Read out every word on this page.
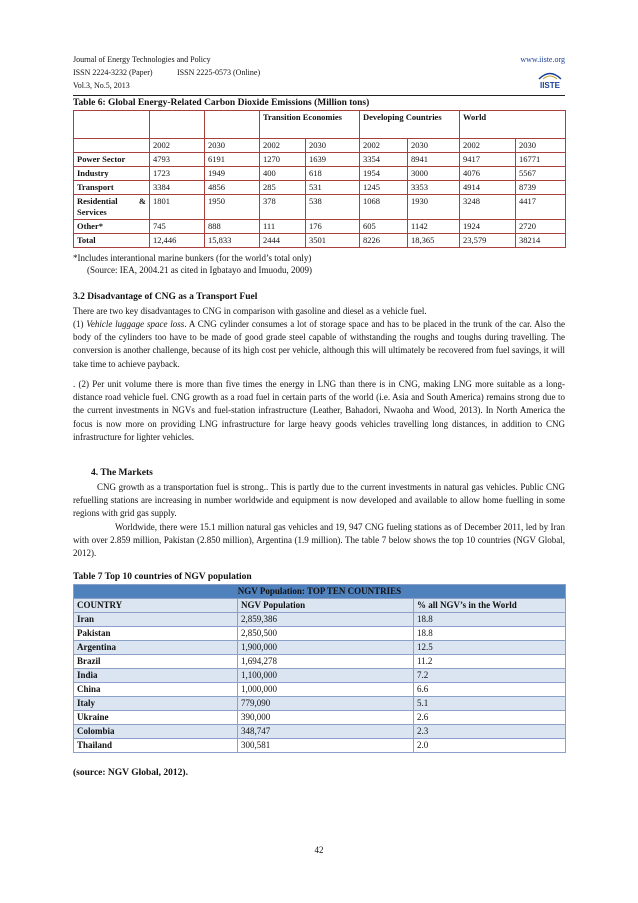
Journal of Energy Technologies and Policy
ISSN 2224-3232 (Paper)	ISSN 2225-0573 (Online)
Vol.3, No.5, 2013
www.iiste.org
IISTE
Table 6: Global Energy-Related Carbon Dioxide Emissions (Million tons)
			Transition Economies		Developing Countries		World	
	2002	2030	2002	2030	2002	2030	2002	2030
Power Sector	4793	6191	1270	1639	3354	8941	9417	16771
Industry	1723	1949	400	618	1954	3000	4076	5567
Transport	3384	4856	285	531	1245	3353	4914	8739

Residential &
Services	1801	1950	378	538	1068	1930	3248	4417
Other*	745	888	111	176	605	1142	1924	2720
Total	12,446	15,833	2444	3501	8226	18,365	23,579	38214
*Includes interantional marine bunkers (for the world’s total only)
(Source: IEA, 2004.21 as cited in Igbatayo and Imuodu, 2009)
3.2 Disadvantage of CNG as a Transport Fuel
There are two key disadvantages to CNG in comparison with gasoline and diesel as a vehicle fuel.
(1) Vehicle luggage space loss. A CNG cylinder consumes a lot of storage space and has to be placed in the trunk of the car. Also the body of the cylinders too have to be made of good grade steel capable of withstanding the roughs and toughs during travelling. The conversion is another challenge, because of its high cost per vehicle, although this will ultimately be recovered from fuel savings, it will take time to achieve payback.
. (2) Per unit volume there is more than five times the energy in LNG than there is in CNG, making LNG more suitable as a long-distance road vehicle fuel. CNG growth as a road fuel in certain parts of the world (i.e. Asia and South America) remains strong due to the current investments in NGVs and fuel-station infrastructure (Leather, Bahadori, Nwaoha and Wood, 2013). In North America the focus is now more on providing LNG infrastructure for large heavy goods vehicles travelling long distances, in addition to CNG infrastructure for lighter vehicles.
4. The Markets
CNG growth as a transportation fuel is strong.. This is partly due to the current investments in natural gas vehicles. Public CNG refuelling stations are increasing in number worldwide and equipment is now developed and available to allow home fuelling in some regions with grid gas supply.
Worldwide, there were 15.1 million natural gas vehicles and 19, 947 CNG fueling stations as of December 2011, led by Iran with over 2.859 million, Pakistan (2.850 million), Argentina (1.9 million). The table 7 below shows the top 10 countries (NGV Global, 2012).
Table 7 Top 10 countries of NGV population
NGV Population: TOP TEN COUNTRIES		
COUNTRY	NGV Population	% all NGV’s in the World
Iran	2,859,386	18.8
Pakistan	2,850,500	18.8
Argentina	1,900,000	12.5
Brazil	1,694,278	11.2
India	1,100,000	7.2
China	1,000,000	6.6
Italy	779,090	5.1
Ukraine	390,000	2.6
Colombia	348,747	2.3
Thailand	300,581	2.0
(source: NGV Global, 2012).
42
